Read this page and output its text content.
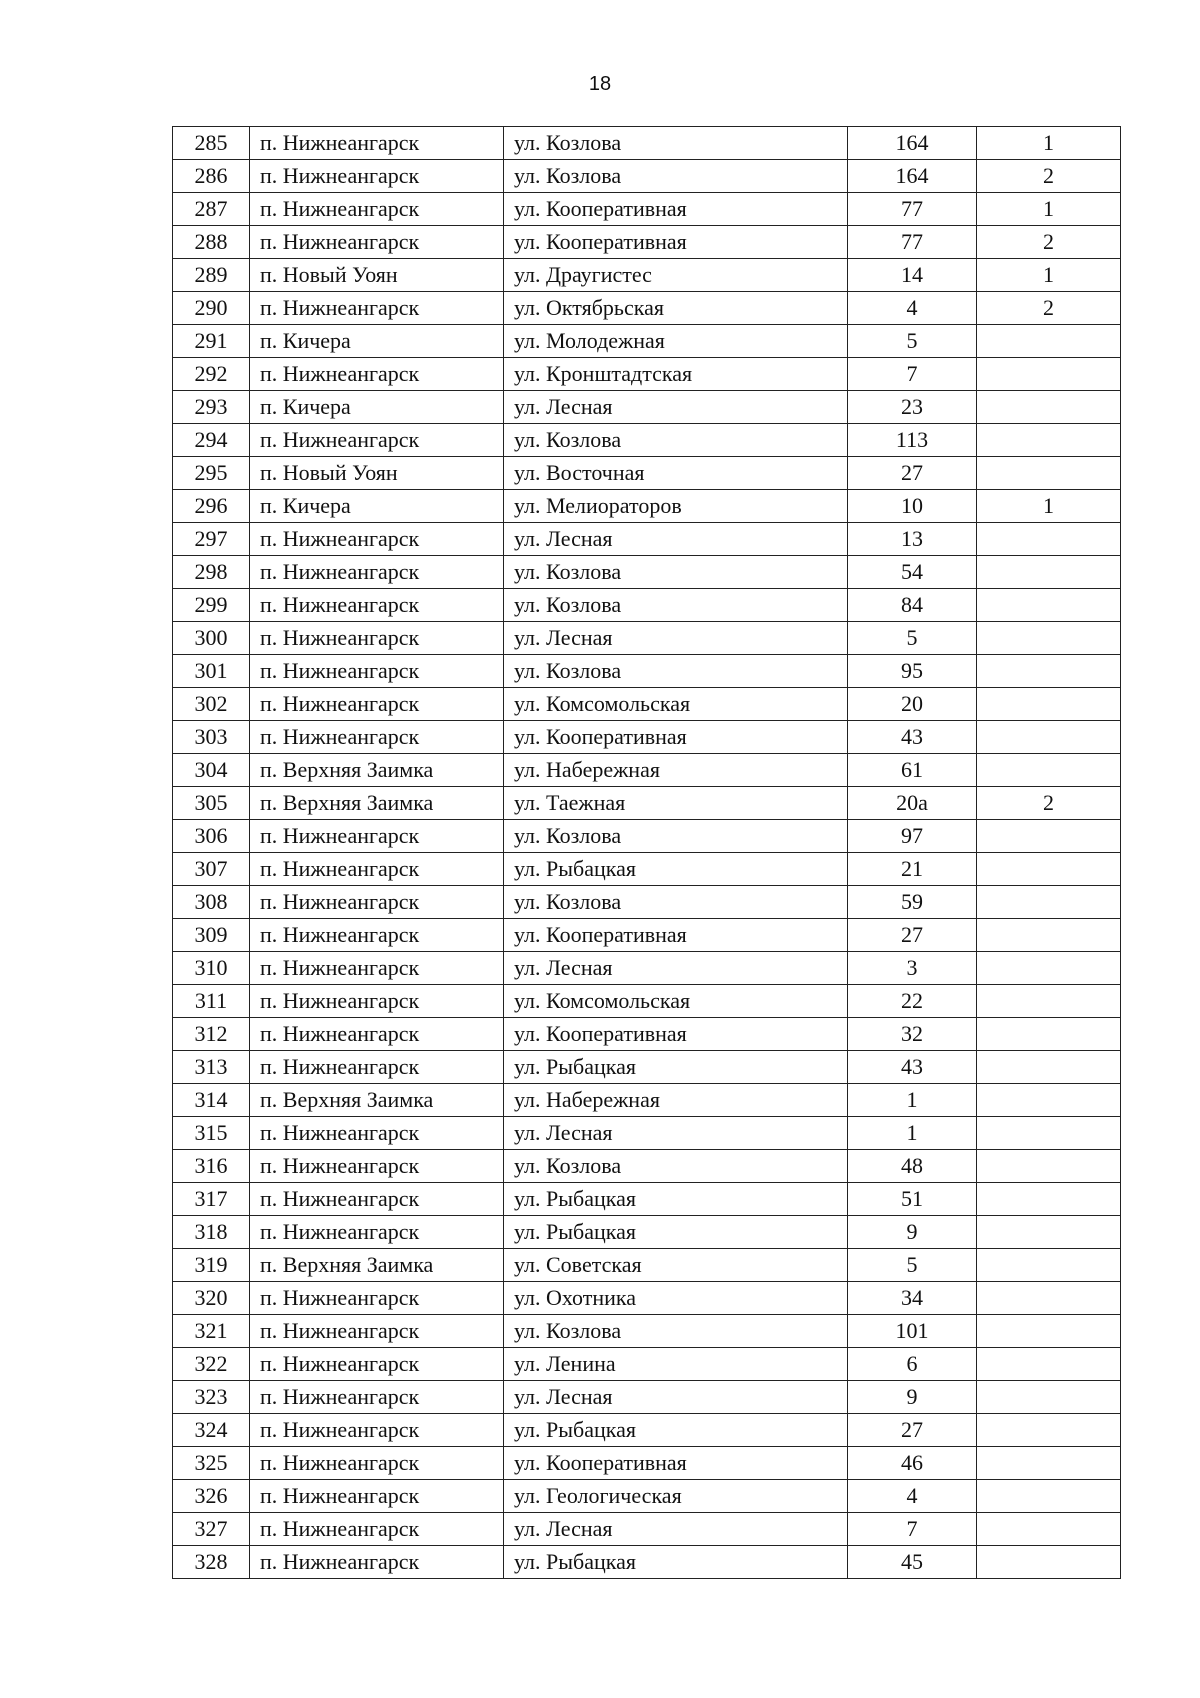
18
285	п. Нижнеангарск	ул. Козлова	164	1
286	п. Нижнеангарск	ул. Козлова	164	2
287	п. Нижнеангарск	ул. Кооперативная	77	1
288	п. Нижнеангарск	ул. Кооперативная	77	2
289	п. Новый Уоян	ул. Драугистес	14	1
290	п. Нижнеангарск	ул. Октябрьская	4	2
291	п. Кичера	ул. Молодежная	5	
292	п. Нижнеангарск	ул. Кронштадтская	7	
293	п. Кичера	ул. Лесная	23	
294	п. Нижнеангарск	ул. Козлова	113	
295	п. Новый Уоян	ул. Восточная	27	
296	п. Кичера	ул. Мелиораторов	10	1
297	п. Нижнеангарск	ул. Лесная	13	
298	п. Нижнеангарск	ул. Козлова	54	
299	п. Нижнеангарск	ул. Козлова	84	
300	п. Нижнеангарск	ул. Лесная	5	
301	п. Нижнеангарск	ул. Козлова	95	
302	п. Нижнеангарск	ул. Комсомольская	20	
303	п. Нижнеангарск	ул. Кооперативная	43	
304	п. Верхняя Заимка	ул. Набережная	61	
305	п. Верхняя Заимка	ул. Таежная	20а	2
306	п. Нижнеангарск	ул. Козлова	97	
307	п. Нижнеангарск	ул. Рыбацкая	21	
308	п. Нижнеангарск	ул. Козлова	59	
309	п. Нижнеангарск	ул. Кооперативная	27	
310	п. Нижнеангарск	ул. Лесная	3	
311	п. Нижнеангарск	ул. Комсомольская	22	
312	п. Нижнеангарск	ул. Кооперативная	32	
313	п. Нижнеангарск	ул. Рыбацкая	43	
314	п. Верхняя Заимка	ул. Набережная	1	
315	п. Нижнеангарск	ул. Лесная	1	
316	п. Нижнеангарск	ул. Козлова	48	
317	п. Нижнеангарск	ул. Рыбацкая	51	
318	п. Нижнеангарск	ул. Рыбацкая	9	
319	п. Верхняя Заимка	ул. Советская	5	
320	п. Нижнеангарск	ул. Охотника	34	
321	п. Нижнеангарск	ул. Козлова	101	
322	п. Нижнеангарск	ул. Ленина	6	
323	п. Нижнеангарск	ул. Лесная	9	
324	п. Нижнеангарск	ул. Рыбацкая	27	
325	п. Нижнеангарск	ул. Кооперативная	46	
326	п. Нижнеангарск	ул. Геологическая	4	
327	п. Нижнеангарск	ул. Лесная	7	
328	п. Нижнеангарск	ул. Рыбацкая	45	
